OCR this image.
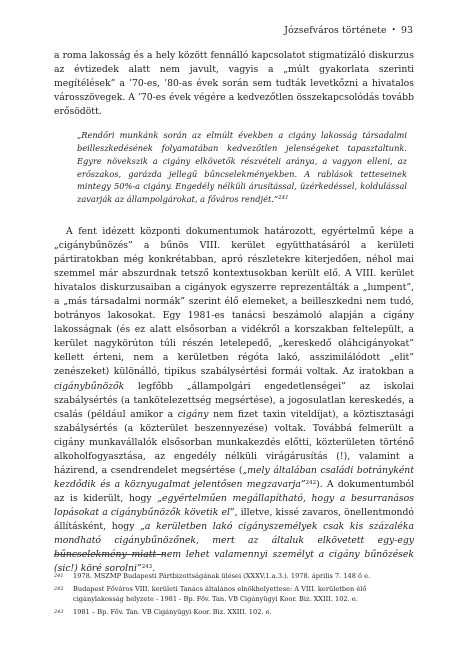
Józsefváros története • 93

a roma lakosság és a hely között fennálló kapcsolatot stigmatizáló diskurzus az évtizedek alatt nem javult, vagyis a „múlt gyakorlata szerinti megítélések” a ’70-es, ’80-as évek során sem tudták levetkőzni a hivatalos városszövegek. A ’70-es évek végére a kedvezőtlen összekapcsolódás tovább erősödött.

„Rendőri munkánk során az elmúlt években a cigány lakosság társadalmi beilleszkedésének folyamatában kedvezőtlen jelenségeket tapasztaltunk. Egyre növekszik a cigány elkövetők részvételi aránya, a vagyon elleni, az erőszakos, garázda jellegű bűncselekményekben. A rablások tetteseinek mintegy 50%-a cigány. Engedély nélküli árusítással, üzérkedéssel, koldulással zavarják az állampolgárokat, a főváros rendjét.”$^{241}$

A fent idézett központi dokumentumok határozott, egyértelmű képe a „cigánybűnözés” a bűnös VIII. kerület együtthatásáról a kerületi pártiratokban még konkrétabban, apró részletekre kiterjedően, néhol mai szemmel már abszurdnak tetsző kontextusokban került elő. A VIII. kerület hivatalos diskurzusaiban a cigányok egyszerre reprezentálták a „lumpent”, a „más társadalmi normák” szerint élő elemeket, a beilleszkedni nem tudó, botrányos lakosokat. Egy 1981-es tanácsi beszámoló alapján a cigány lakosságnak (és ez alatt elsősorban a vidékről a korszakban feltelepült, a kerület nagykörúton túli részén letelepedő, „kereskedő oláhcigányokat” kellett érteni, nem a kerületben régóta lakó, asszimilálódott „elit” zenészeket) különálló, tipikus szabálysértési formái voltak. Az iratokban a cigánybűnözők legfőbb „állampolgári engedetlenségei” az iskolai szabálysértés (a tankötelezettség megsértése), a jogosulatlan kereskedés, a csalás (például amikor a cigány nem fizet taxin viteldíjat), a köztisztasági szabálysértés (a közterület beszennyezése) voltak. Továbbá felmerült a cigány munkavállalók elsősorban munkakezdés előtti, közterületen történő alkoholfogyasztása, az engedély nélküli virágárusítás (!), valamint a házirend, a csendrendelet megsértése („mely általában családi botrányként kezdődik és a köznyugalmat jelentősen megzavarja”$^{242}$). A dokumentumból az is kiderült, hogy „egyértelműen megállapítható, hogy a besurranásos lopásokat a cigánybűnözők követik el”, illetve, kissé zavaros, önellentmondó állításként, hogy „a kerületben lakó cigányszemélyek csak kis százaléka mondható cigánybűnözőnek, mert az általuk elkövetett egy-egy bűncselekmény miatt nem lehet valamennyi személyt a cigány bűnözések (sic!) köré sorolni”$^{243}$.

241 1978. MSZMP Budapesti Pártbizottságának ülései (XXXV.1.a.3.). 1978. április 7. 148 ő e.
242 Budapest Főváros VIII. kerületi Tanács általános elnökhelyettese: A VIII. kerületben élő cigánylakosság helyzete - 1981 - Bp. Főv. Tan. VB Cigányügyi Koor. Biz. XXIII. 102. e.
243 1981 – Bp. Főv. Tan. VB Cigányügyi Koor. Biz. XXIII. 102. e.
